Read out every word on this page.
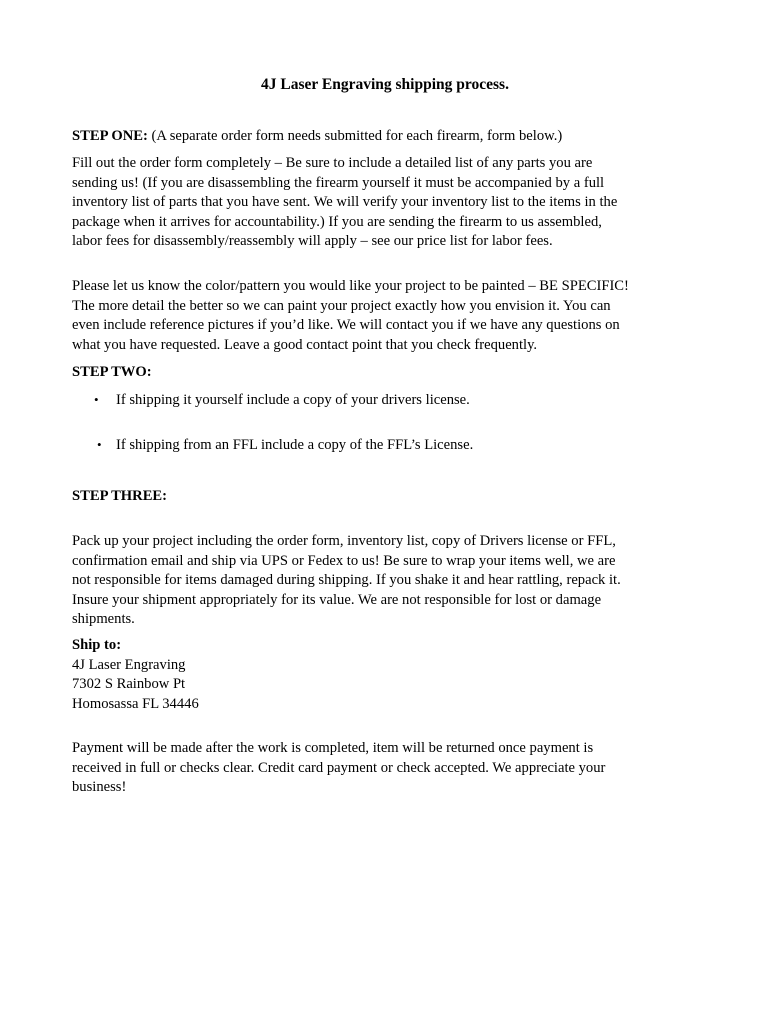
4J Laser Engraving shipping process.
STEP ONE: (A separate order form needs submitted for each firearm, form below.)
Fill out the order form completely – Be sure to include a detailed list of any parts you are
sending us! (If you are disassembling the firearm yourself it must be accompanied by a full
inventory list of parts that you have sent. We will verify your inventory list to the items in the
package when it arrives for accountability.) If you are sending the firearm to us assembled,
labor fees for disassembly/reassembly will apply – see our price list for labor fees.
Please let us know the color/pattern you would like your project to be painted – BE SPECIFIC!
The more detail the better so we can paint your project exactly how you envision it. You can
even include reference pictures if you’d like. We will contact you if we have any questions on
what you have requested. Leave a good contact point that you check frequently.
STEP TWO:
•	If shipping it yourself include a copy of your drivers license.
• If shipping from an FFL include a copy of the FFL’s License.
STEP THREE:
Pack up your project including the order form, inventory list, copy of Drivers license or FFL,
confirmation email and ship via UPS or Fedex to us! Be sure to wrap your items well, we are
not responsible for items damaged during shipping. If you shake it and hear rattling, repack it.
Insure your shipment appropriately for its value. We are not responsible for lost or damage
shipments.
Ship to:
4J Laser Engraving
7302 S Rainbow Pt
Homosassa FL 34446
Payment will be made after the work is completed, item will be returned once payment is
received in full or checks clear. Credit card payment or check accepted. We appreciate your
business!
